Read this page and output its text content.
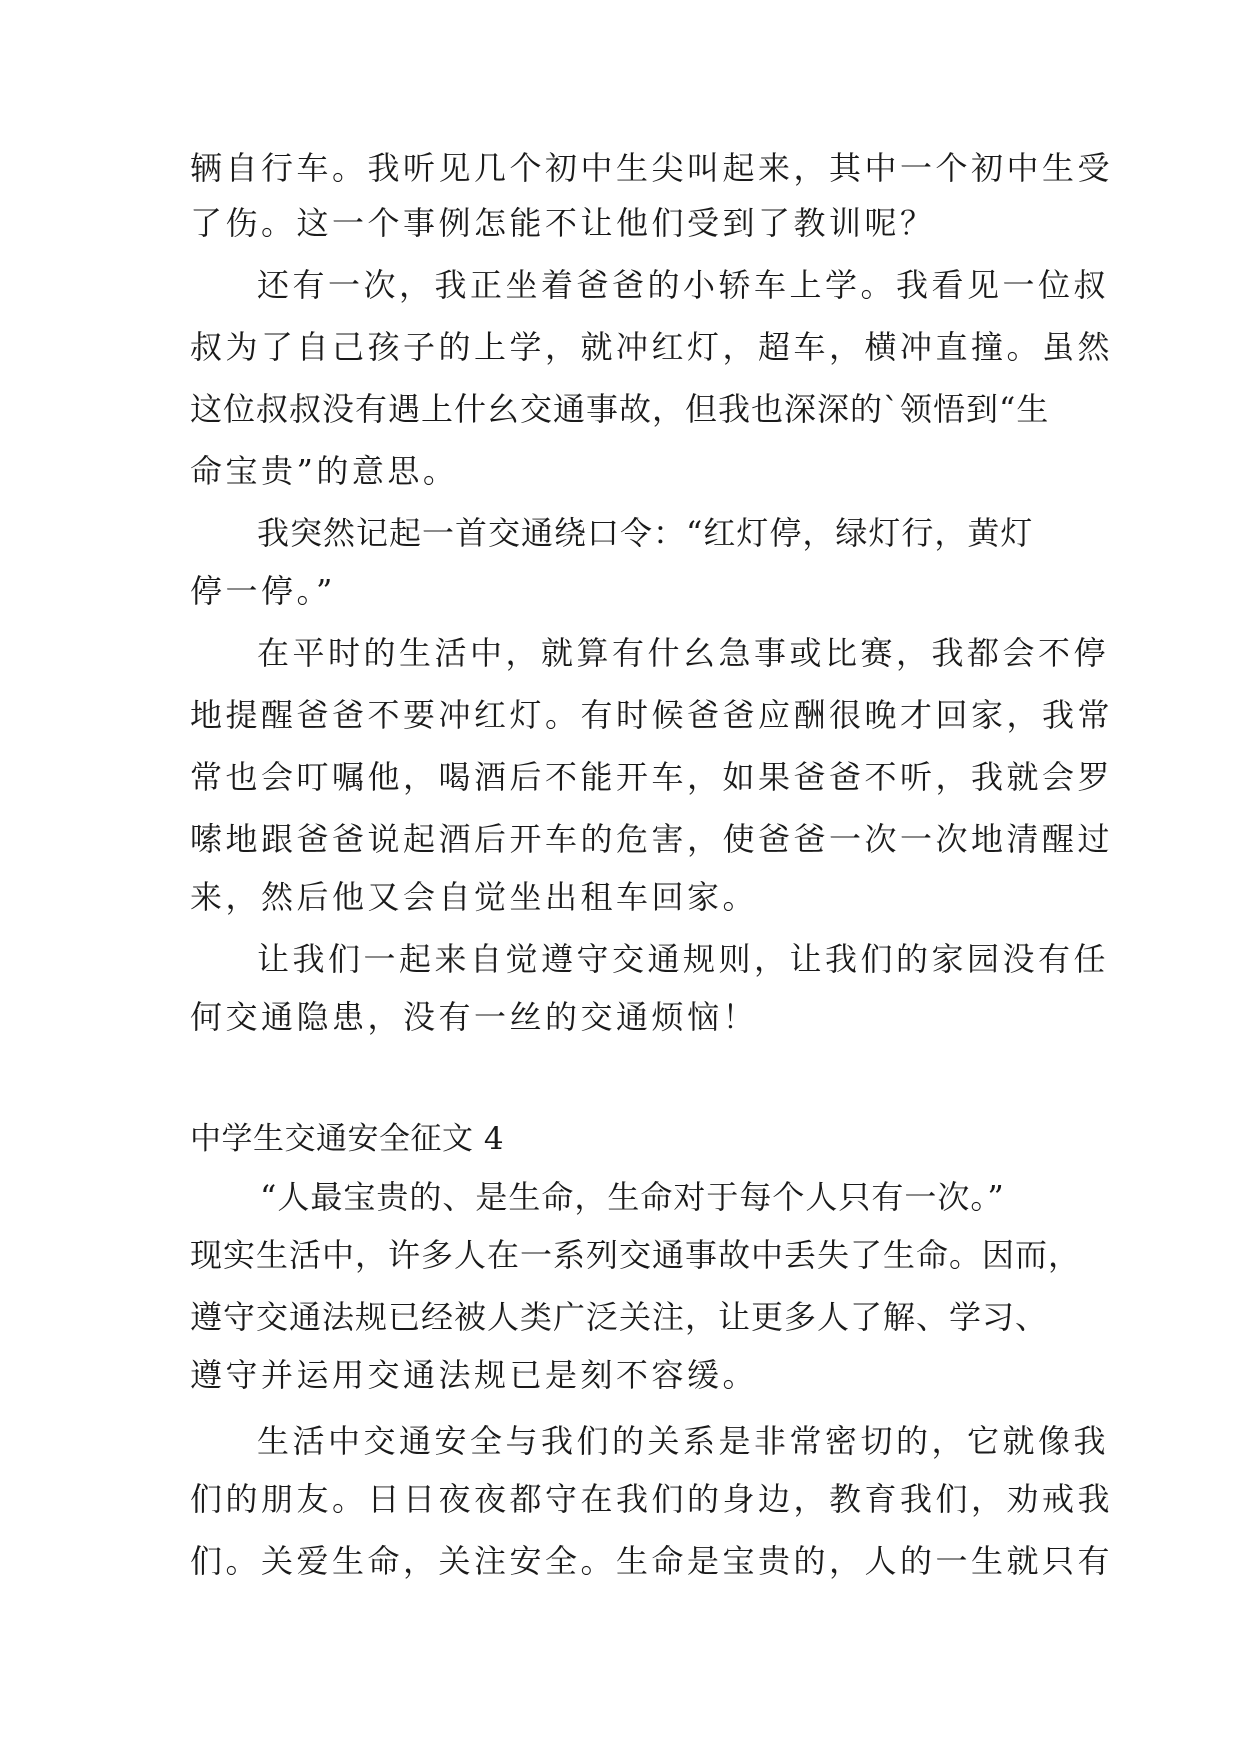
辆自行车。我听见几个初中生尖叫起来，其中一个初中生受
了伤。这一个事例怎能不让他们受到了教训呢？
还有一次，我正坐着爸爸的小轿车上学。我看见一位叔
叔为了自己孩子的上学，就冲红灯，超车，横冲直撞。虽然
这位叔叔没有遇上什幺交通事故，但我也深深的`领悟到“生
命宝贵”的意思。
我突然记起一首交通绕口令：“红灯停，绿灯行，黄灯
停一停。”
在平时的生活中，就算有什幺急事或比赛，我都会不停
地提醒爸爸不要冲红灯。有时候爸爸应酬很晚才回家，我常
常也会叮嘱他，喝酒后不能开车，如果爸爸不听，我就会罗
嗦地跟爸爸说起酒后开车的危害，使爸爸一次一次地清醒过
来，然后他又会自觉坐出租车回家。
让我们一起来自觉遵守交通规则，让我们的家园没有任
何交通隐患，没有一丝的交通烦恼！
中学生交通安全征文 4
“人最宝贵的、是生命，生命对于每个人只有一次。”
现实生活中，许多人在一系列交通事故中丢失了生命。因而，
遵守交通法规已经被人类广泛关注，让更多人了解、学习、
遵守并运用交通法规已是刻不容缓。
生活中交通安全与我们的关系是非常密切的，它就像我
们的朋友。日日夜夜都守在我们的身边，教育我们，劝戒我
们。关爱生命，关注安全。生命是宝贵的，人的一生就只有
